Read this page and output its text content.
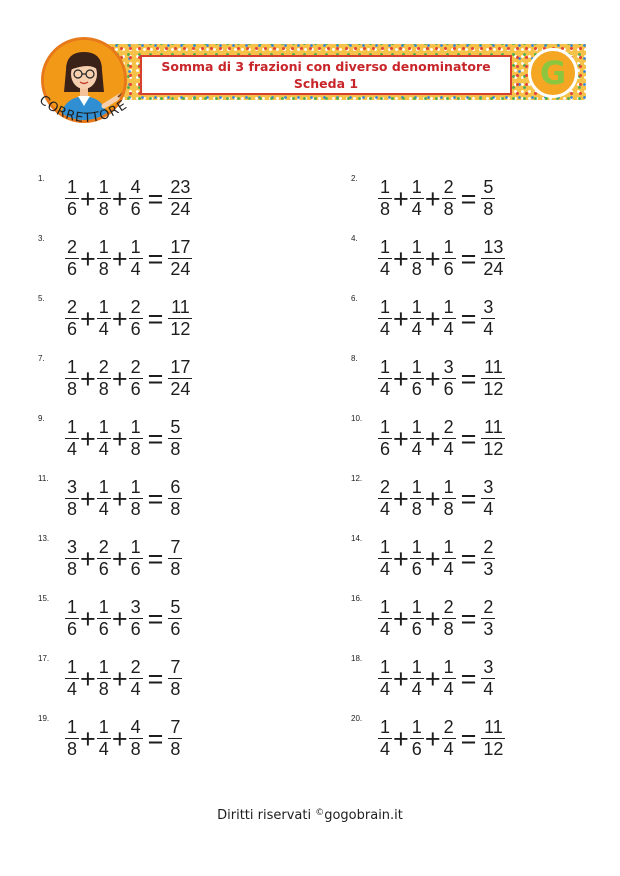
Somma di 3 frazioni con diverso denominatore
Scheda 1
CORRETTORE
G
1. $\frac{1}{6} + \frac{1}{8} + \frac{4}{6} = \frac{23}{24}$	2. $\frac{1}{8} + \frac{1}{4} + \frac{2}{8} = \frac{5}{8}$
3. $\frac{2}{6} + \frac{1}{8} + \frac{1}{4} = \frac{17}{24}$	4. $\frac{1}{4} + \frac{1}{8} + \frac{1}{6} = \frac{13}{24}$
5. $\frac{2}{6} + \frac{1}{4} + \frac{2}{6} = \frac{11}{12}$	6. $\frac{1}{4} + \frac{1}{4} + \frac{1}{4} = \frac{3}{4}$
7. $\frac{1}{8} + \frac{2}{8} + \frac{2}{6} = \frac{17}{24}$	8. $\frac{1}{4} + \frac{1}{6} + \frac{3}{6} = \frac{11}{12}$
9. $\frac{1}{4} + \frac{1}{4} + \frac{1}{8} = \frac{5}{8}$	10. $\frac{1}{6} + \frac{1}{4} + \frac{2}{4} = \frac{11}{12}$
11. $\frac{3}{8} + \frac{1}{4} + \frac{1}{8} = \frac{6}{8}$	12. $\frac{2}{4} + \frac{1}{8} + \frac{1}{8} = \frac{3}{4}$
13. $\frac{3}{8} + \frac{2}{6} + \frac{1}{6} = \frac{7}{8}$	14. $\frac{1}{4} + \frac{1}{6} + \frac{1}{4} = \frac{2}{3}$
15. $\frac{1}{6} + \frac{1}{6} + \frac{3}{6} = \frac{5}{6}$	16. $\frac{1}{4} + \frac{1}{6} + \frac{2}{8} = \frac{2}{3}$
17. $\frac{1}{4} + \frac{1}{8} + \frac{2}{4} = \frac{7}{8}$	18. $\frac{1}{4} + \frac{1}{4} + \frac{1}{4} = \frac{3}{4}$
19. $\frac{1}{8} + \frac{1}{4} + \frac{4}{8} = \frac{7}{8}$	20. $\frac{1}{4} + \frac{1}{6} + \frac{2}{4} = \frac{11}{12}$
Diritti riservati ©gogobrain.it
